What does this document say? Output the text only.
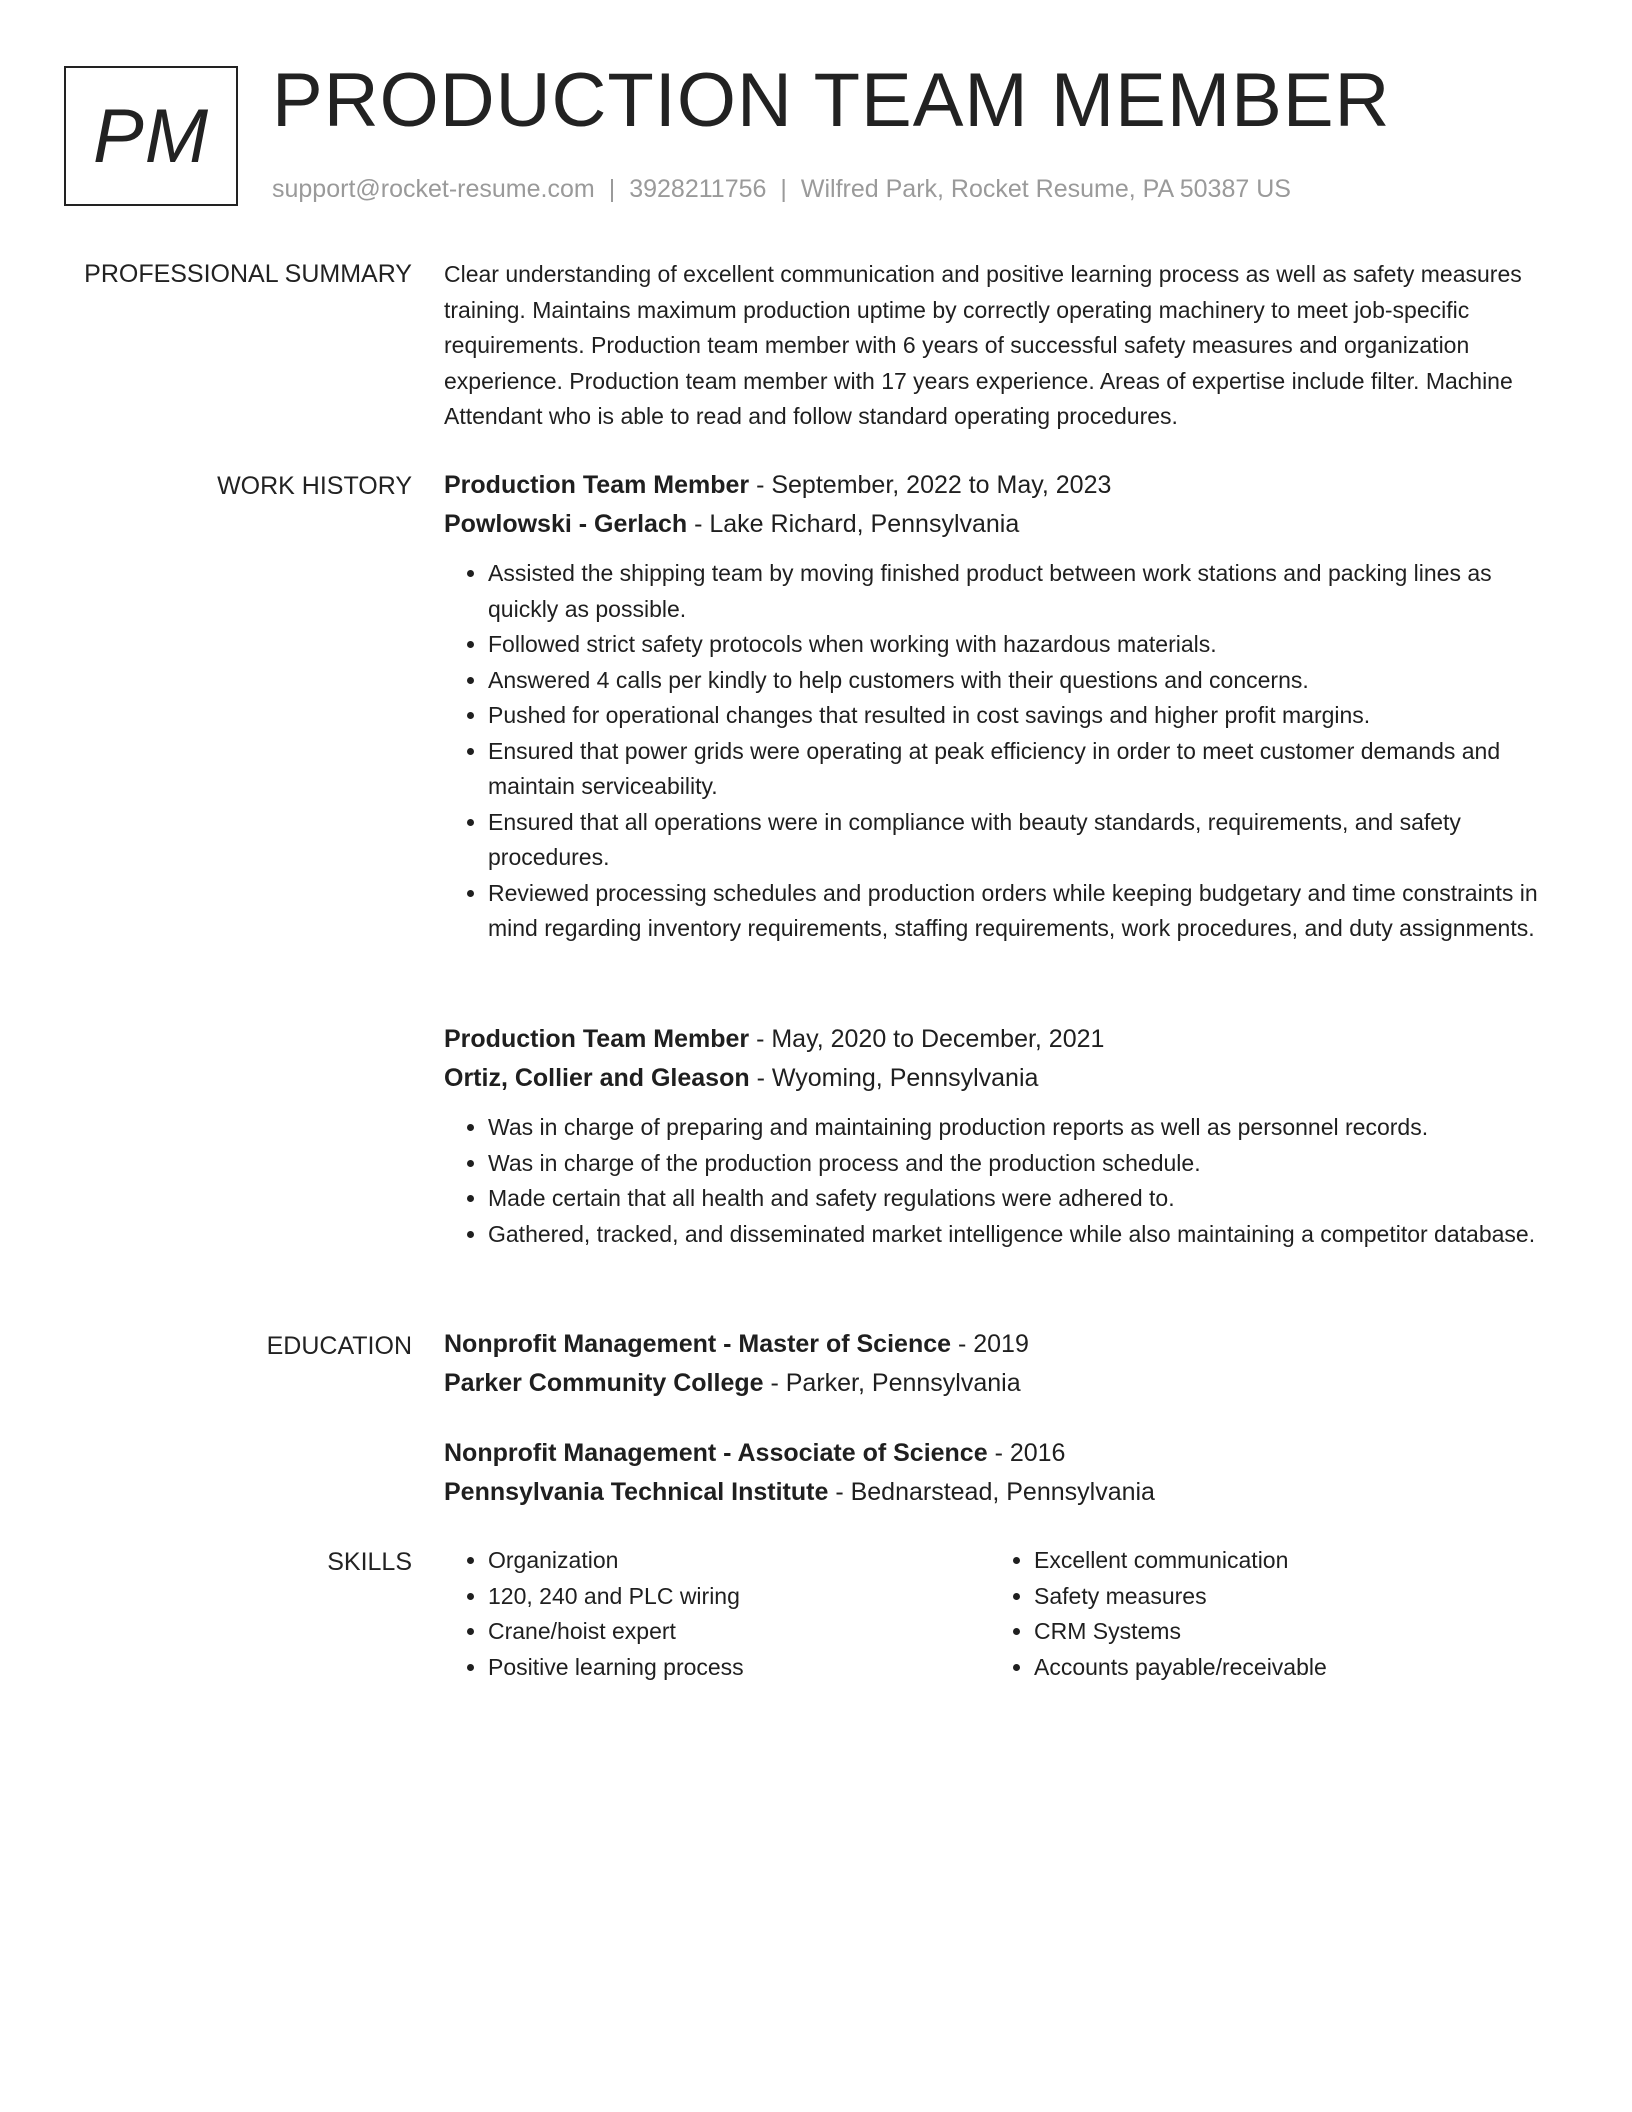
PM PRODUCTION TEAM MEMBER
support@rocket-resume.com | 3928211756 | Wilfred Park, Rocket Resume, PA 50387 US
PROFESSIONAL SUMMARY Clear understanding of excellent communication and positive learning process as well as safety measures training. Maintains maximum production uptime by correctly operating machinery to meet job-specific requirements. Production team member with 6 years of successful safety measures and organization experience. Production team member with 17 years experience. Areas of expertise include filter. Machine Attendant who is able to read and follow standard operating procedures.

WORK HISTORY Production Team Member - September, 2022 to May, 2023
Powlowski - Gerlach - Lake Richard, Pennsylvania
• Assisted the shipping team by moving finished product between work stations and packing lines as quickly as possible.
• Followed strict safety protocols when working with hazardous materials.
• Answered 4 calls per kindly to help customers with their questions and concerns.
• Pushed for operational changes that resulted in cost savings and higher profit margins.
• Ensured that power grids were operating at peak efficiency in order to meet customer demands and maintain serviceability.
• Ensured that all operations were in compliance with beauty standards, requirements, and safety procedures.
• Reviewed processing schedules and production orders while keeping budgetary and time constraints in mind regarding inventory requirements, staffing requirements, work procedures, and duty assignments.
Production Team Member - May, 2020 to December, 2021
Ortiz, Collier and Gleason - Wyoming, Pennsylvania
• Was in charge of preparing and maintaining production reports as well as personnel records.
• Was in charge of the production process and the production schedule.
• Made certain that all health and safety regulations were adhered to.
• Gathered, tracked, and disseminated market intelligence while also maintaining a competitor database.
EDUCATION Nonprofit Management - Master of Science - 2019
Parker Community College - Parker, Pennsylvania
Nonprofit Management - Associate of Science - 2016
Pennsylvania Technical Institute - Bednarstead, Pennsylvania
SKILLS
•	Organization
• 120, 240 and PLC wiring
• Crane/hoist expert
• Positive learning process
• Excellent communication
• Safety measures
• CRM Systems
• Accounts payable/receivable
